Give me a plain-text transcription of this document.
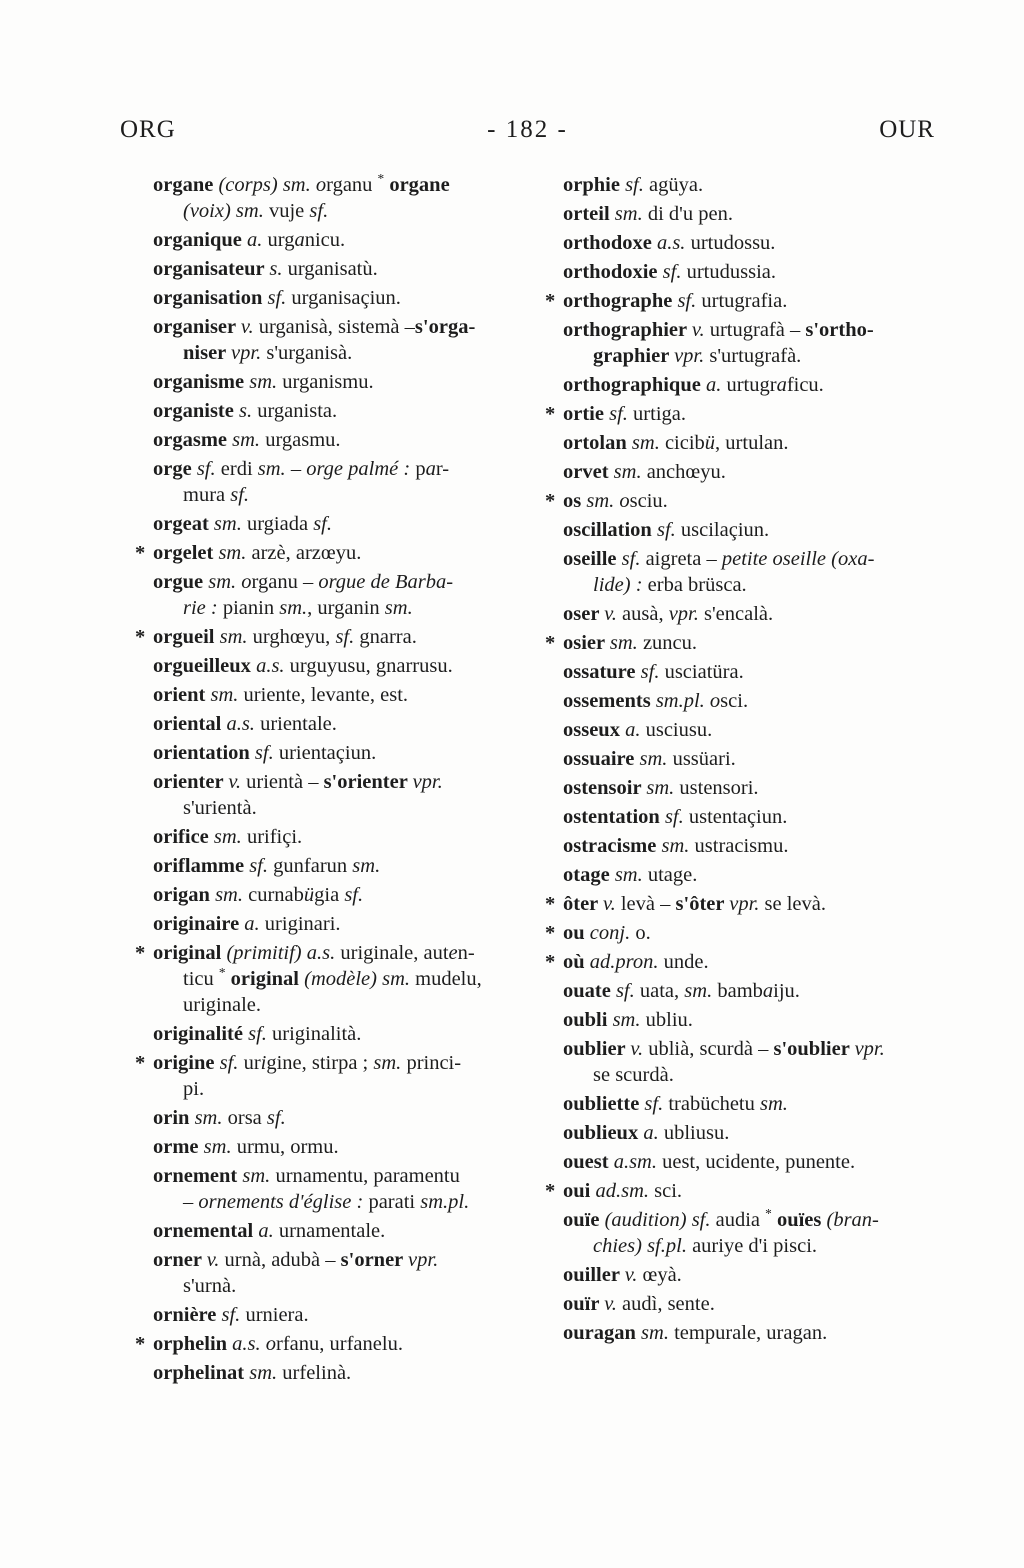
ORG	- 182 -	OUR

organe (corps) sm. organu * organe
(voix) sm. vuje sf.

organique a. urganicu.

organisateur s. urganisatù.

organisation sf. urganisaçiun.

organiser v. urganisà, sistemà –s'orga-
niser vpr. s'urganisà.

organisme sm. urganismu.

organiste s. urganista.

orgasme sm. urgasmu.

orge sf. erdi sm. – orge palmé : par-
mura sf.

orgeat sm. urgiada sf.

* orgelet sm. arzè, arzœyu.

orgue sm. organu – orgue de Barba-
rie : pianin sm., urganin sm.

* orgueil sm. urghœyu, sf. gnarra.

orgueilleux a.s. urguyusu, gnarrusu.

orient sm. uriente, levante, est.

oriental a.s. urientale.

orientation sf. urientaçiun.

orienter v. urientà – s'orienter vpr.
s'urientà.

orifice sm. urifiçi.

oriflamme sf. gunfarun sm.

origan sm. curnabügia sf.

originaire a. uriginari.

* original (primitif) a.s. uriginale, auten-
ticu * original (modèle) sm. mudelu,
uriginale.

originalité sf. uriginalità.

* origine sf. urigine, stirpa ; sm. princi-
pi.

orin sm. orsa sf.

orme sm. urmu, ormu.

ornement sm. urnamentu, paramentu
– ornements d'église : parati sm.pl.

ornemental a. urnamentale.

orner v. urnà, adubà – s'orner vpr.
s'urnà.

ornière sf. urniera.

* orphelin a.s. orfanu, urfanelu.

orphelinat sm. urfelinà.

orphie sf. agüya.

orteil sm. di d'u pen.

orthodoxe a.s. urtudossu.

orthodoxie sf. urtudussia.

* orthographe sf. urtugrafia.

orthographier v. urtugrafà – s'ortho-
graphier vpr. s'urtugrafà.

orthographique a. urtugraficu.

* ortie sf. urtiga.

ortolan sm. cicibü, urtulan.

orvet sm. anchœyu.

* os sm. osciu.

oscillation sf. uscilaçiun.

oseille sf. aigreta – petite oseille (oxa-
lide) : erba brüsca.

oser v. ausà, vpr. s'encalà.

* osier sm. zuncu.

ossature sf. usciatüra.

ossements sm.pl. osci.

osseux a. usciusu.

ossuaire sm. ussüari.

ostensoir sm. ustensori.

ostentation sf. ustentaçiun.

ostracisme sm. ustracismu.

otage sm. utage.

* ôter v. levà – s'ôter vpr. se levà.

* ou conj. o.

* où ad.pron. unde.

ouate sf. uata, sm. bambaiju.

oubli sm. ubliu.

oublier v. ublià, scurdà – s'oublier vpr.
se scurdà.

oubliette sf. trabüchetu sm.

oublieux a. ubliusu.

ouest a.sm. uest, ucidente, punente.

* oui ad.sm. sci.

ouïe (audition) sf. audia * ouïes (bran-
chies) sf.pl. auriye d'i pisci.

ouiller v. œyà.

ouïr v. audì, sente.

ouragan sm. tempurale, uragan.
